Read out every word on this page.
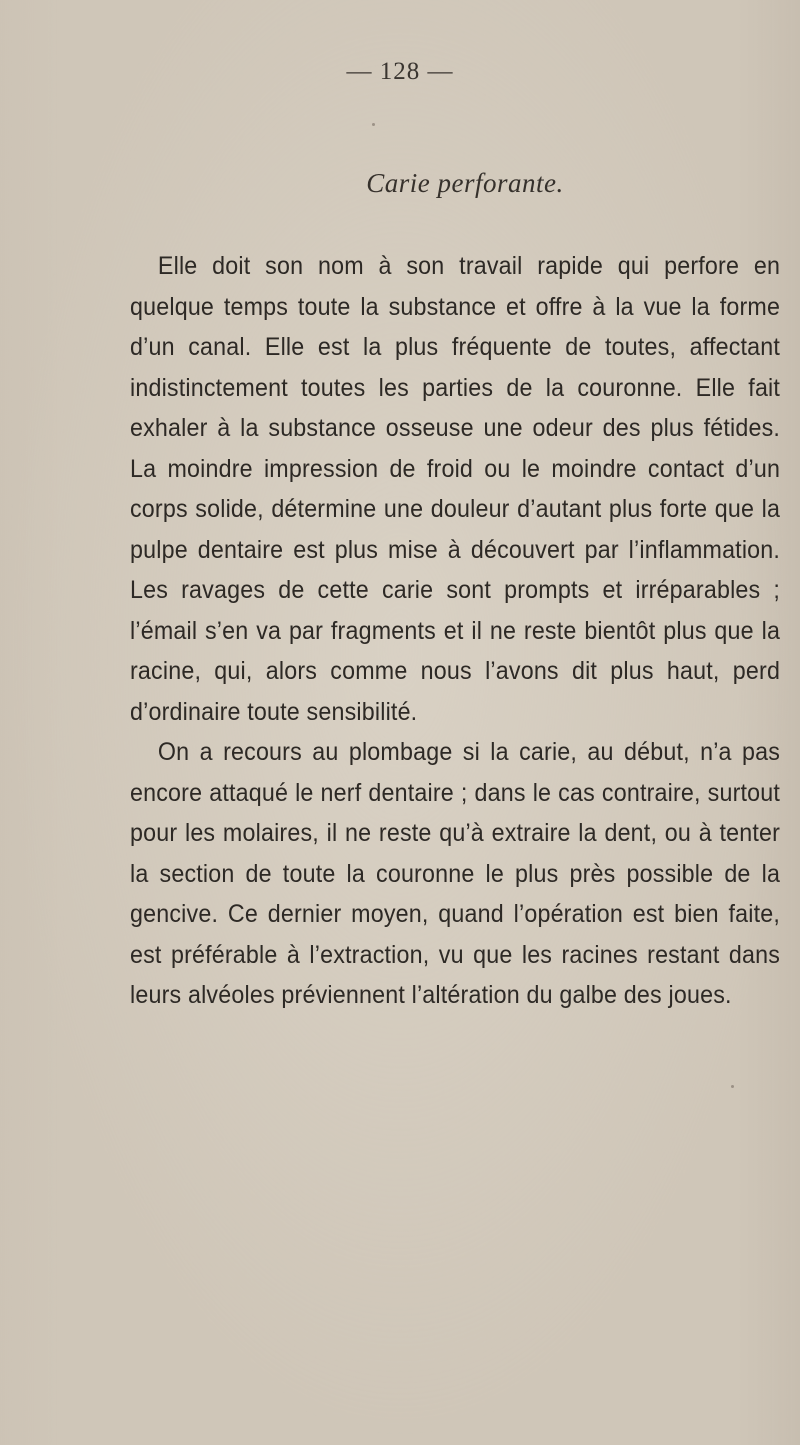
— 128 —
Carie perforante.

Elle doit son nom à son travail rapide qui perfore en quelque temps toute la substance et offre à la vue la forme d’un canal. Elle est la plus fréquente de toutes, affectant indistinctement toutes les parties de la couronne. Elle fait exhaler à la substance osseuse une odeur des plus fétides. La moindre impression de froid ou le moindre contact d’un corps solide, détermine une douleur d’autant plus forte que la pulpe dentaire est plus mise à découvert par l’inflammation. Les ravages de cette carie sont prompts et irréparables ; l’émail s’en va par fragments et il ne reste bientôt plus que la racine, qui, alors comme nous l’avons dit plus haut, perd d’ordinaire toute sensibilité.

On a recours au plombage si la carie, au début, n’a pas encore attaqué le nerf dentaire ; dans le cas contraire, surtout pour les molaires, il ne reste qu’à extraire la dent, ou à tenter la section de toute la couronne le plus près possible de la gencive. Ce dernier moyen, quand l’opération est bien faite, est préférable à l’extraction, vu que les racines restant dans leurs alvéoles préviennent l’altération du galbe des joues.
